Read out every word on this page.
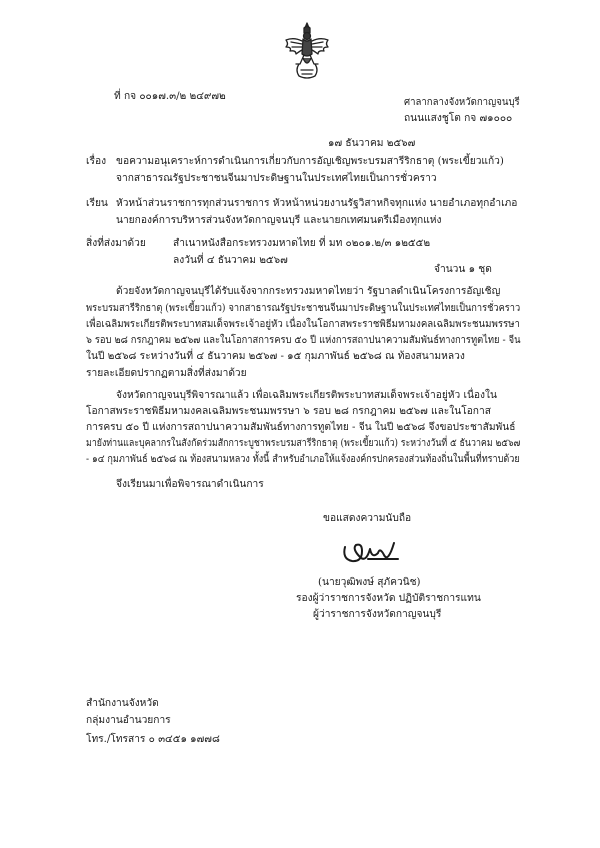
ที่ กจ ๐๐๑๗.๓/๒ ๒๔๙๗๒
ศาลากลางจังหวัดกาญจนบุรี
ถนนแสงชูโต กจ ๗๑๐๐๐
๑๗ ธันวาคม ๒๕๖๗
เรื่อง ขอความอนุเคราะห์การดำเนินการเกี่ยวกับการอัญเชิญพระบรมสารีริกธาตุ (พระเขี้ยวแก้ว)
จากสาธารณรัฐประชาชนจีนมาประดิษฐานในประเทศไทยเป็นการชั่วคราว
เรียน หัวหน้าส่วนราชการทุกส่วนราชการ หัวหน้าหน่วยงานรัฐวิสาหกิจทุกแห่ง นายอำเภอทุกอำเภอ
นายกองค์การบริหารส่วนจังหวัดกาญจนบุรี และนายกเทศมนตรีเมืองทุกแห่ง
สิ่งที่ส่งมาด้วย	สำเนาหนังสือกระทรวงมหาดไทย ที่ มท ๐๒๐๑.๒/๓ ๑๒๕๕๒
ลงวันที่ ๔ ธันวาคม ๒๕๖๗
จำนวน ๑ ชุด
ด้วยจังหวัดกาญจนบุรีได้รับแจ้งจากกระทรวงมหาดไทยว่า รัฐบาลดำเนินโครงการอัญเชิญ
พระบรมสารีริกธาตุ (พระเขี้ยวแก้ว) จากสาธารณรัฐประชาชนจีนมาประดิษฐานในประเทศไทยเป็นการชั่วคราว
เพื่อเฉลิมพระเกียรติพระบาทสมเด็จพระเจ้าอยู่หัว เนื่องในโอกาสพระราชพิธีมหามงคลเฉลิมพระชนมพรรษา
๖ รอบ ๒๘ กรกฎาคม ๒๕๖๗ และในโอกาสการครบ ๕๐ ปี แห่งการสถาปนาความสัมพันธ์ทางการทูตไทย - จีน
ในปี ๒๕๖๘ ระหว่างวันที่ ๔ ธันวาคม ๒๕๖๗ - ๑๕ กุมภาพันธ์ ๒๕๖๘ ณ ท้องสนามหลวง
รายละเอียดปรากฏตามสิ่งที่ส่งมาด้วย
จังหวัดกาญจนบุรีพิจารณาแล้ว เพื่อเฉลิมพระเกียรติพระบาทสมเด็จพระเจ้าอยู่หัว เนื่องใน
โอกาสพระราชพิธีมหามงคลเฉลิมพระชนมพรรษา ๖ รอบ ๒๘ กรกฎาคม ๒๕๖๗ และในโอกาส
การครบ ๕๐ ปี แห่งการสถาปนาความสัมพันธ์ทางการทูตไทย - จีน ในปี ๒๕๖๘ จึงขอประชาสัมพันธ์
มายังท่านและบุคลากรในสังกัดร่วมสักการะบูชาพระบรมสารีริกธาตุ (พระเขี้ยวแก้ว) ระหว่างวันที่ ๕ ธันวาคม ๒๕๖๗
- ๑๔ กุมภาพันธ์ ๒๕๖๘ ณ ท้องสนามหลวง ทั้งนี้ สำหรับอำเภอให้แจ้งองค์กรปกครองส่วนท้องถิ่นในพื้นที่ทราบด้วย
จึงเรียนมาเพื่อพิจารณาดำเนินการ
ขอแสดงความนับถือ
(นายวุฒิพงษ์ สุภัควนิช)
รองผู้ว่าราชการจังหวัด ปฏิบัติราชการแทน
ผู้ว่าราชการจังหวัดกาญจนบุรี
สำนักงานจังหวัด
กลุ่มงานอำนวยการ
โทร./โทรสาร ๐ ๓๔๕๑ ๑๗๗๘
